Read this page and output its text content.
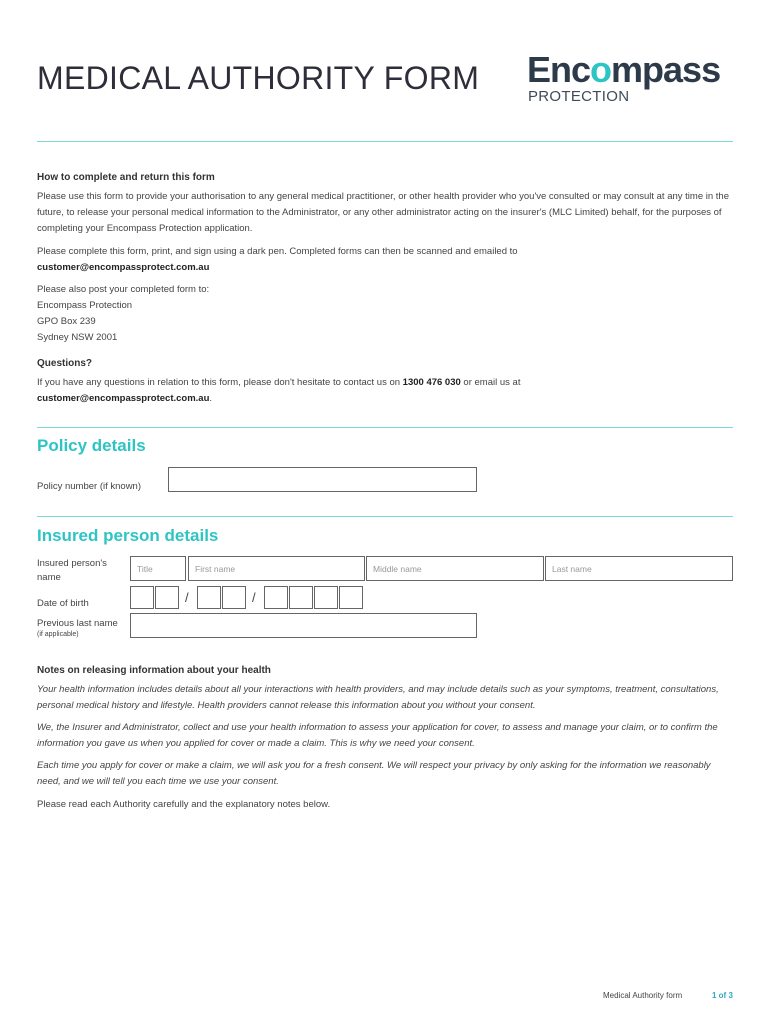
MEDICAL AUTHORITY FORM Encompass
PROTECTION
How to complete and return this form
Please use this form to provide your authorisation to any general medical practitioner, or other health provider who you've consulted or may consult at any time in the future, to release your personal medical information to the Administrator, or any other administrator acting on the insurer's (MLC Limited) behalf, for the purposes of completing your Encompass Protection application.
Please complete this form, print, and sign using a dark pen. Completed forms can then be scanned and emailed to
customer@encompassprotect.com.au
Please also post your completed form to:
Encompass Protection
GPO Box 239
Sydney NSW 2001
Questions?
If you have any questions in relation to this form, please don't hesitate to contact us on 1300 476 030 or email us at
customer@encompassprotect.com.au.
Policy details
Policy number (if known)
Insured person details
Insured person's name
Title	First name	Middle name	Last name
Date of birth	/	/
Previous last name
(if applicable)
Notes on releasing information about your health
Your health information includes details about all your interactions with health providers, and may include details such as your symptoms, treatment, consultations, personal medical history and lifestyle. Health providers cannot release this information about you without your consent.
We, the Insurer and Administrator, collect and use your health information to assess your application for cover, to assess and manage your claim, or to confirm the information you gave us when you applied for cover or made a claim. This is why we need your consent.
Each time you apply for cover or make a claim, we will ask you for a fresh consent. We will respect your privacy by only asking for the information we reasonably need, and we will tell you each time we use your consent.
Please read each Authority carefully and the explanatory notes below.
Medical Authority form	1 of 3
